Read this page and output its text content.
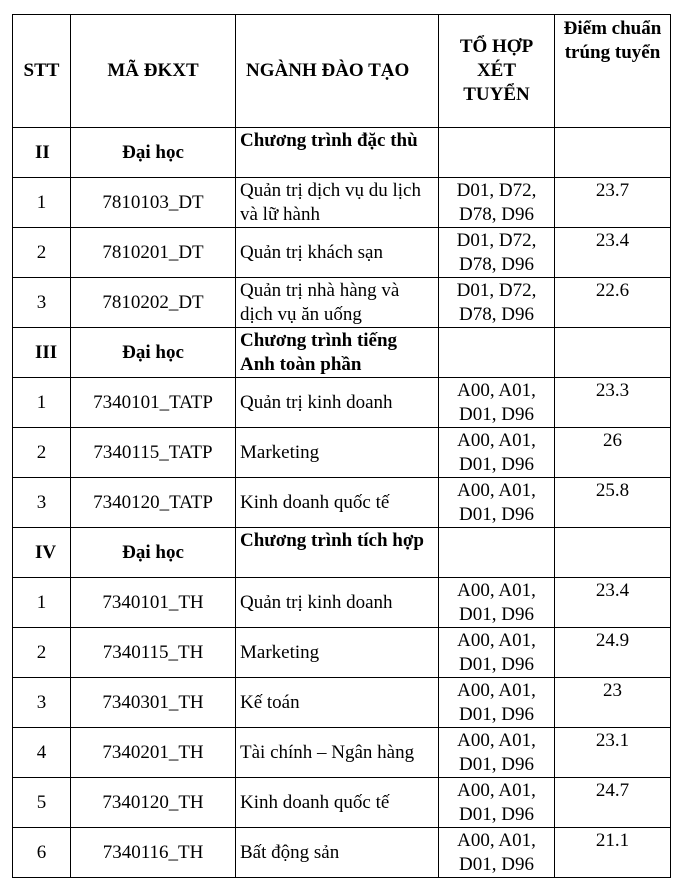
STT	MÃ ĐKXT	NGÀNH ĐÀO TẠO	TỔ HỢP XÉT TUYỂN	Điểm chuẩn trúng tuyển
II	Đại học	Chương trình đặc thù		
1	7810103_DT	Quản trị dịch vụ du lịch và lữ hành	D01, D72, D78, D96	23.7
2	7810201_DT	Quản trị khách sạn	D01, D72, D78, D96	23.4
3	7810202_DT	Quản trị nhà hàng và dịch vụ ăn uống	D01, D72, D78, D96	22.6
III	Đại học	Chương trình tiếng Anh toàn phần		
1	7340101_TATP	Quản trị kinh doanh	A00, A01, D01, D96	23.3
2	7340115_TATP	Marketing	A00, A01, D01, D96	26
3	7340120_TATP	Kinh doanh quốc tế	A00, A01, D01, D96	25.8
IV	Đại học	Chương trình tích hợp		
1	7340101_TH	Quản trị kinh doanh	A00, A01, D01, D96	23.4
2	7340115_TH	Marketing	A00, A01, D01, D96	24.9
3	7340301_TH	Kế toán	A00, A01, D01, D96	23
4	7340201_TH	Tài chính – Ngân hàng	A00, A01, D01, D96	23.1
5	7340120_TH	Kinh doanh quốc tế	A00, A01, D01, D96	24.7
6	7340116_TH	Bất động sản	A00, A01, D01, D96	21.1
